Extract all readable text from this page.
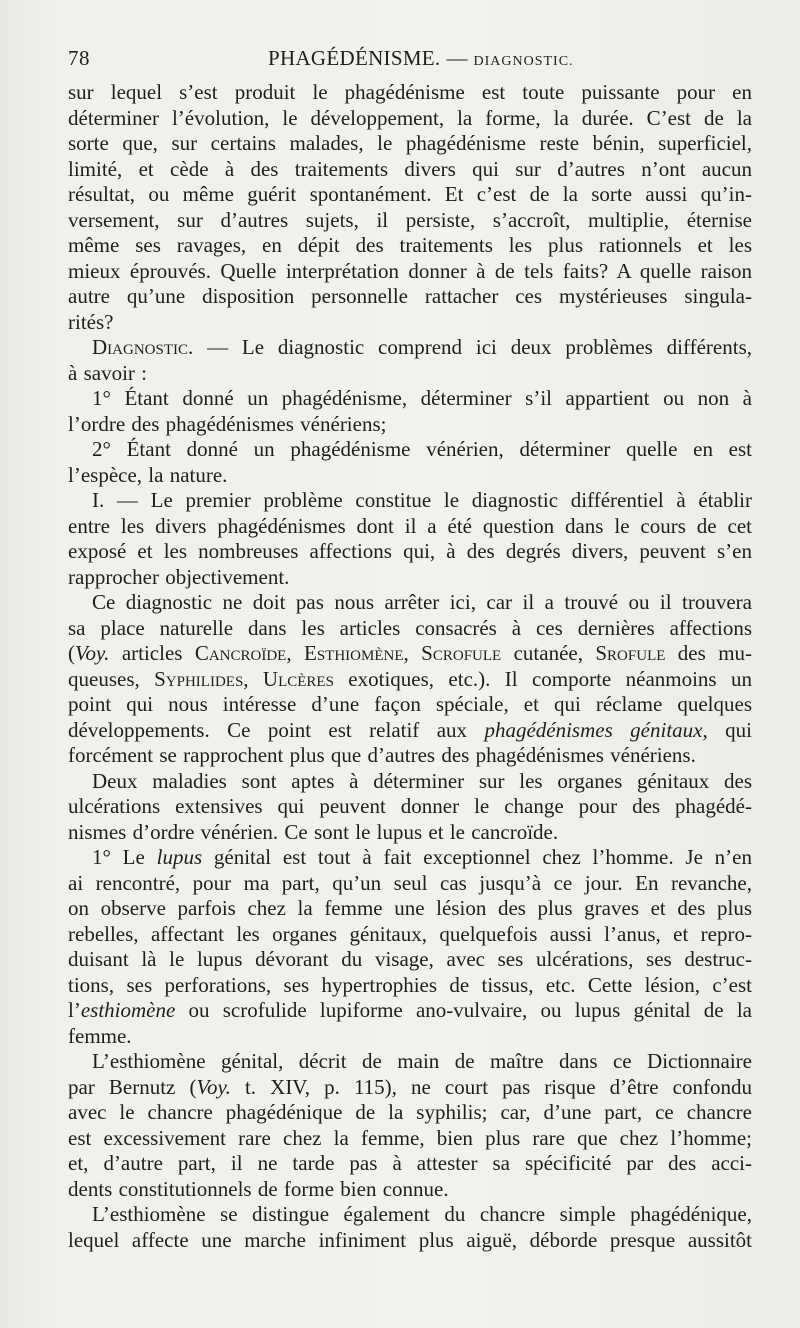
78	PHAGÉDÉNISME. — DIAGNOSTIC.
sur lequel s’est produit le phagédénisme est toute puissante pour en
déterminer l’évolution, le développement, la forme, la durée. C’est de la
sorte que, sur certains malades, le phagédénisme reste bénin, superficiel,
limité, et cède à des traitements divers qui sur d’autres n’ont aucun
résultat, ou même guérit spontanément. Et c’est de la sorte aussi qu’in-
versement, sur d’autres sujets, il persiste, s’accroît, multiplie, éternise
même ses ravages, en dépit des traitements les plus rationnels et les
mieux éprouvés. Quelle interprétation donner à de tels faits? A quelle raison
autre qu’une disposition personnelle rattacher ces mystérieuses singula-
rités?
Diagnostic. — Le diagnostic comprend ici deux problèmes différents,
à savoir :
1° Étant donné un phagédénisme, déterminer s’il appartient ou non à
l’ordre des phagédénismes vénériens;
2° Étant donné un phagédénisme vénérien, déterminer quelle en est
l’espèce, la nature.
I. — Le premier problème constitue le diagnostic différentiel à établir
entre les divers phagédénismes dont il a été question dans le cours de cet
exposé et les nombreuses affections qui, à des degrés divers, peuvent s’en
rapprocher objectivement.
Ce diagnostic ne doit pas nous arrêter ici, car il a trouvé ou il trouvera
sa place naturelle dans les articles consacrés à ces dernières affections
(Voy. articles Cancroïde, Esthiomène, Scrofule cutanée, Srofule des mu-
queuses, Syphilides, Ulcères exotiques, etc.). Il comporte néanmoins un
point qui nous intéresse d’une façon spéciale, et qui réclame quelques
développements. Ce point est relatif aux phagédénismes génitaux, qui
forcément se rapprochent plus que d’autres des phagédénismes vénériens.
Deux maladies sont aptes à déterminer sur les organes génitaux des
ulcérations extensives qui peuvent donner le change pour des phagédé-
nismes d’ordre vénérien. Ce sont le lupus et le cancroïde.
1° Le lupus génital est tout à fait exceptionnel chez l’homme. Je n’en
ai rencontré, pour ma part, qu’un seul cas jusqu’à ce jour. En revanche,
on observe parfois chez la femme une lésion des plus graves et des plus
rebelles, affectant les organes génitaux, quelquefois aussi l’anus, et repro-
duisant là le lupus dévorant du visage, avec ses ulcérations, ses destruc-
tions, ses perforations, ses hypertrophies de tissus, etc. Cette lésion, c’est
l’esthiomène ou scrofulide lupiforme ano-vulvaire, ou lupus génital de la
femme.
L’esthiomène génital, décrit de main de maître dans ce Dictionnaire
par Bernutz (Voy. t. XIV, p. 115), ne court pas risque d’être confondu
avec le chancre phagédénique de la syphilis; car, d’une part, ce chancre
est excessivement rare chez la femme, bien plus rare que chez l’homme;
et, d’autre part, il ne tarde pas à attester sa spécificité par des acci-
dents constitutionnels de forme bien connue.
L’esthiomène se distingue également du chancre simple phagédénique,
lequel affecte une marche infiniment plus aiguë, déborde presque aussitôt
